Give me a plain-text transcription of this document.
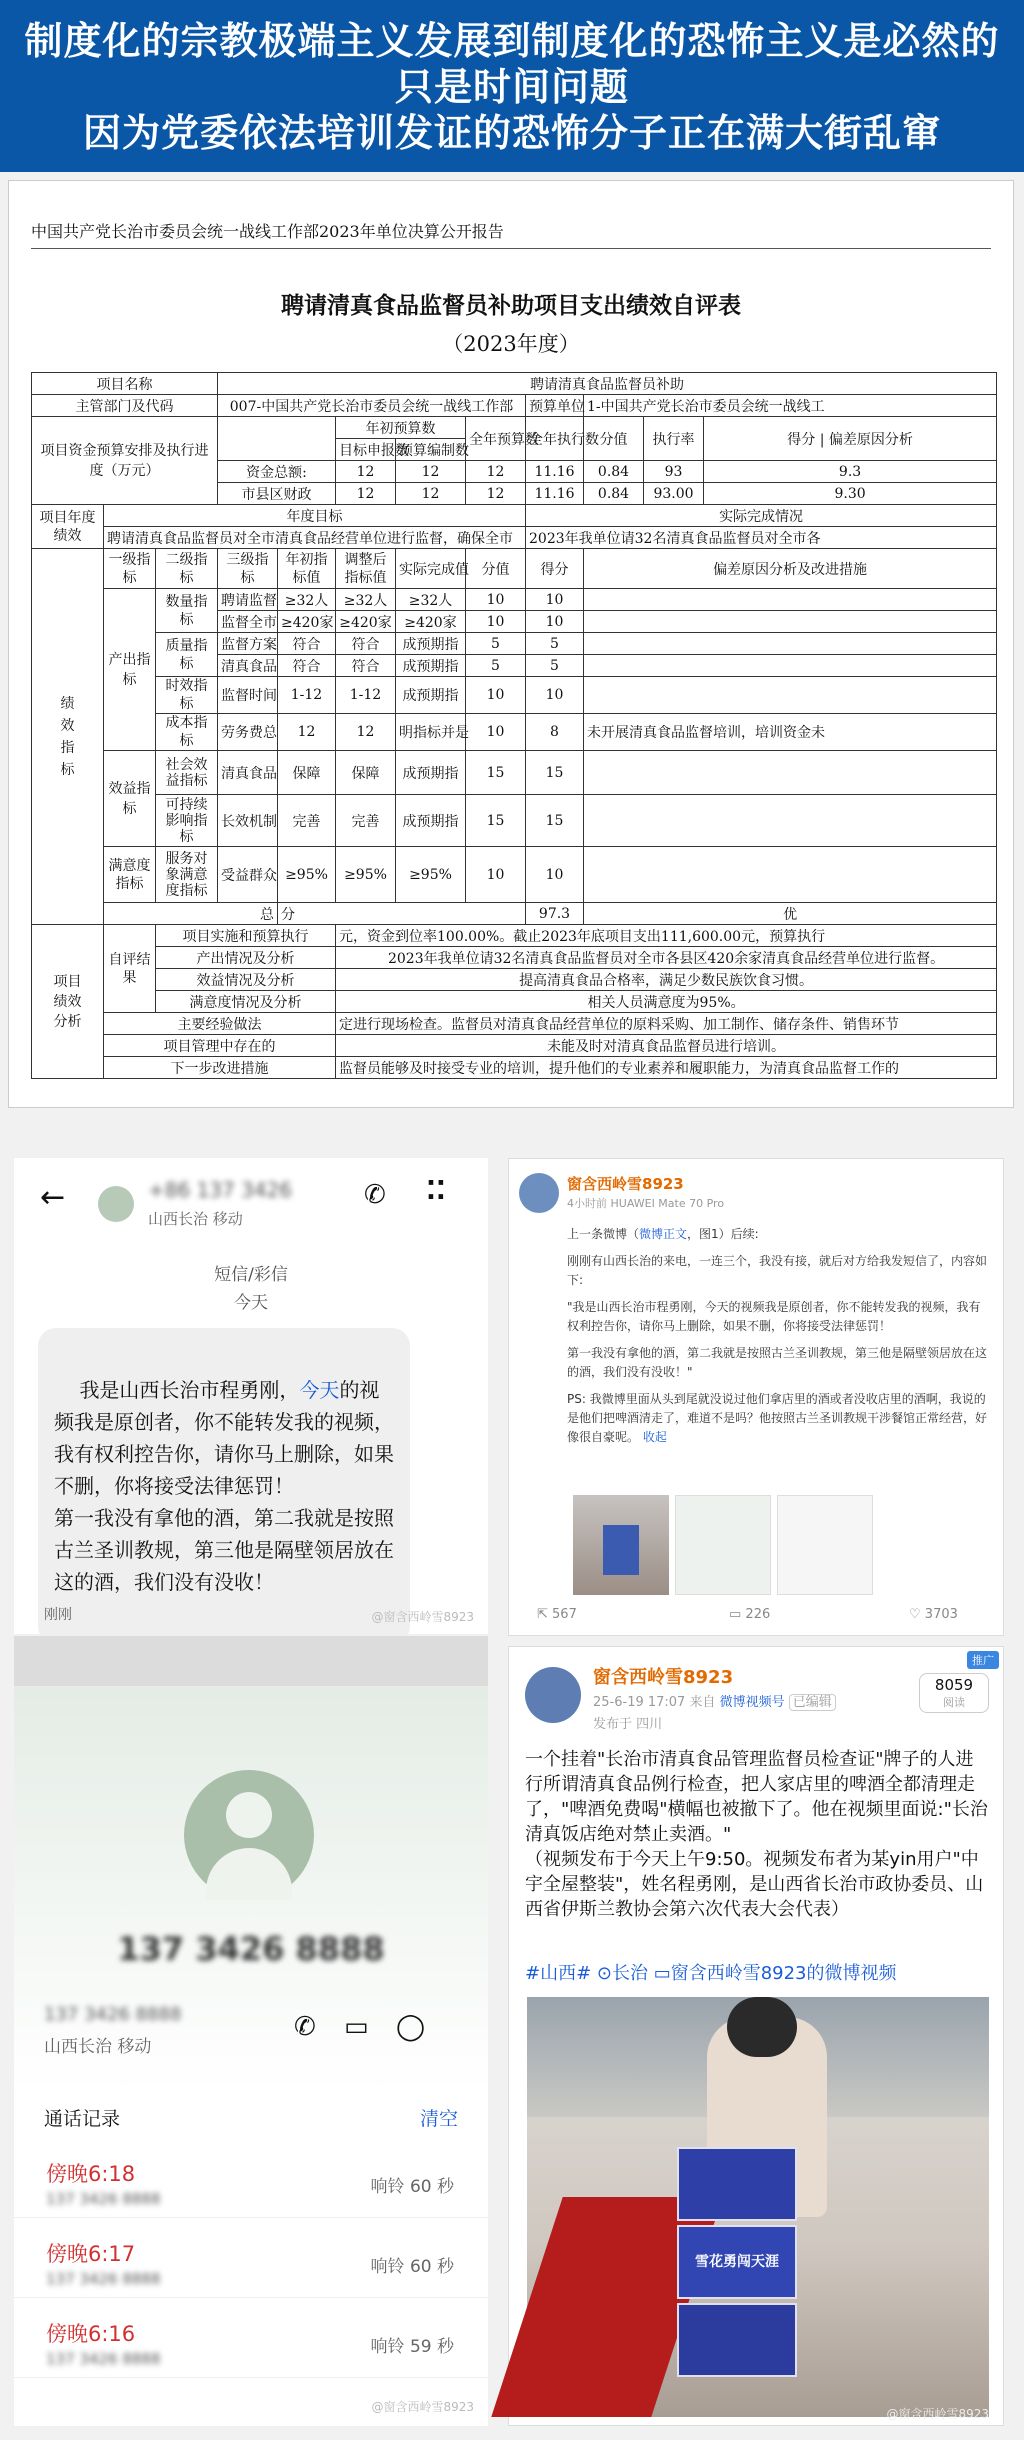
制度化的宗教极端主义发展到制度化的恐怖主义是必然的
只是时间问题
因为党委依法培训发证的恐怖分子正在满大街乱窜
中国共产党长治市委员会统一战线工作部2023年单位决算公开报告
聘请清真食品监督员补助项目支出绩效自评表
（2023年度）
项目名称			聘请清真食品监督员补助								
主管部门及代码			007-中国共产党长治市委员会统一战线工作部					预算单位	1-中国共产党长治市委员会统一战线工		
项目资金预算安排及执行进度（万元）					年初预算数		全年预算数	全年执行数	分值	执行率	得分 | 偏差原因分析
					目标申报数	预算编制数					
			资金总额:		12	12	12	11.16	0.84	93	9.3
			市县区财政		12	12	12	11.16	0.84	93.00	9.30
项目年度绩效	年度目标							实际完成情况			
	聘请清真食品监督员对全市清真食品经营单位进行监督，确保全市							2023年我单位请32名清真食品监督员对全市各			
绩效指标	一级指标	二级指标	三级指标	年初指标值	调整后指标值	实际完成值	分值	得分	偏差原因分析及改进措施		
	产出指标	数量指标	聘请监督	≥32人	≥32人	≥32人	10	10			
			监督全市	≥420家	≥420家	≥420家	10	10			
		质量指标	监督方案	符合	符合	成预期指	5	5			
			清真食品	符合	符合	成预期指	5	5			
		时效指标	监督时间	1-12	1-12	成预期指	10	10			
		成本指标	劳务费总	12	12	明指标并是	10	8	未开展清真食品监督培训，培训资金未		
	效益指标	社会效益指标	清真食品	保障	保障	成预期指	15	15			
		可持续影响指标	长效机制	完善	完善	成预期指	15	15			
	满意度指标	服务对象满意度指标	受益群众	≥95%	≥95%	≥95%	10	10			
	总			分				97.3	优		
项目绩效分析	自评结果	项目实施和预算执行			元，资金到位率100.00%。截止2023年底项目支出111,600.00元，预算执行						
		产出情况及分析			2023年我单位请32名清真食品监督员对全市各县区420余家清真食品经营单位进行监督。						
		效益情况及分析			提高清真食品合格率，满足少数民族饮食习惯。						
		满意度情况及分析			相关人员满意度为95%。						
	主要经验做法				定进行现场检查。监督员对清真食品经营单位的原料采购、加工制作、储存条件、销售环节						
	项目管理中存在的				未能及时对清真食品监督员进行培训。						
	下一步改进措施				监督员能够及时接受专业的培训，提升他们的专业素养和履职能力，为清真食品监督工作的						
←	+86 137 3426
山西长治 移动
✆ ⁚⁚
短信/彩信
今天

我是山西长治市程勇刚，今天的视频我是原创者，你不能转发我的视频，我有权利控告你，请你马上删除，如果不删，你将接受法律惩罚！
第一我没有拿他的酒，第二我就是按照古兰圣训教规，第三他是隔壁领居放在这的酒，我们没有没收！

刚刚	@窗含西岭雪8923
137 3426 8888
137 3426 8888
山西长治 移动
✆ ▭ ◯
通话记录	清空
傍晚6:18
137 3426 8888
响铃 60 秒
傍晚6:17
137 3426 8888
响铃 60 秒
傍晚6:16
137 3426 8888
响铃 59 秒
@窗含西岭雪8923
窗含西岭雪8923
4小时前 HUAWEI Mate 70 Pro
上一条微博（微博正文，图1）后续:
刚刚有山西长治的来电，一连三个，我没有接，就后对方给我发短信了，内容如下:
"我是山西长治市程勇刚，今天的视频我是原创者，你不能转发我的视频，我有权利控告你，请你马上删除，如果不删，你将接受法律惩罚！
第一我没有拿他的酒，第二我就是按照古兰圣训教规，第三他是隔壁领居放在这的酒，我们没有没收！"
PS: 我微博里面从头到尾就没说过他们拿店里的酒或者没收店里的酒啊，我说的是他们把啤酒清走了，难道不是吗？他按照古兰圣训教规干涉餐馆正常经营，好像很自豪呢。 收起
⇱ 567	▭ 226	♡ 3703
窗含西岭雪8923
25-6-19 17:07 来自 微博视频号 已编辑
发布于 四川
推广
8059
阅读
一个挂着"长治市清真食品管理监督员检查证"牌子的人进行所谓清真食品例行检查，把人家店里的啤酒全都清理走了，"啤酒免费喝"横幅也被撤下了。他在视频里面说:"长治清真饭店绝对禁止卖酒。"
（视频发布于今天上午9:50。视频发布者为某yin用户"中宇全屋整装"，姓名程勇刚，是山西省长治市政协委员、山西省伊斯兰教协会第六次代表大会代表）
#山西# ⊙长治 ▭窗含西岭雪8923的微博视频
雪花勇闯天涯
@窗含西岭雪8923
